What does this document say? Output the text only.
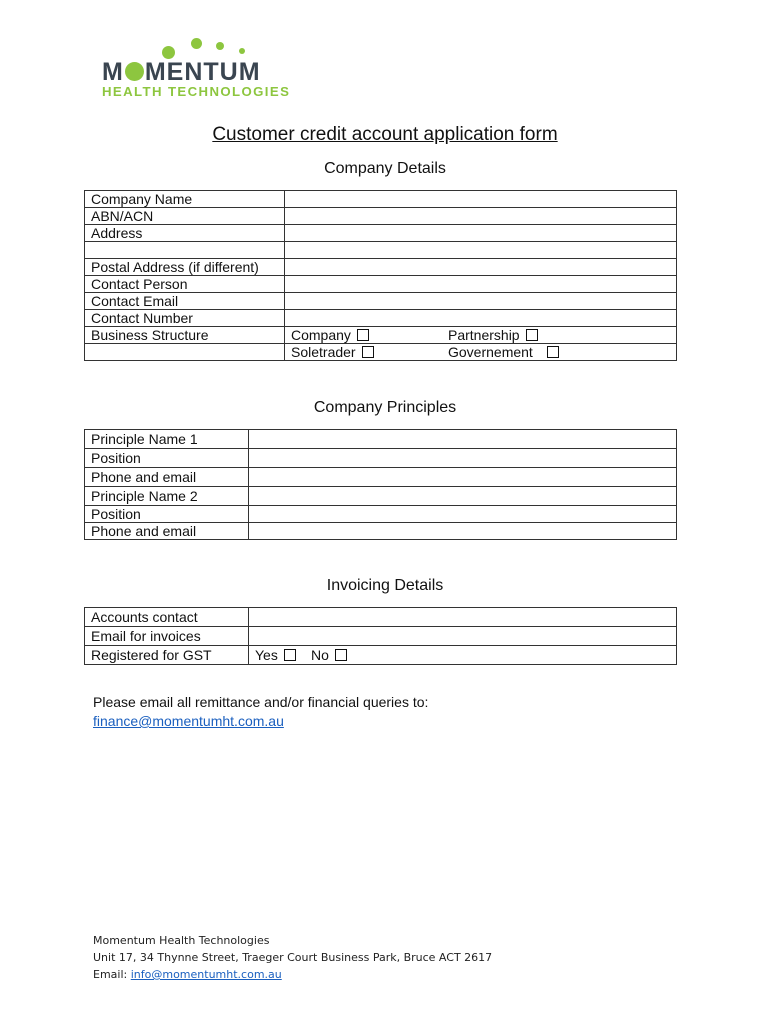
M MENTUM
HEALTH TECHNOLOGIES
Customer credit account application form
Company Details
Company Name	
ABN/ACN	
Address	

Postal Address (if different)	
Contact Person	
Contact Email	
Contact Number	
Business Structure	Company Partnership
	Soletrader Governement
Company Principles
Principle Name 1	
Position	
Phone and email	
Principle Name 2	
Position	
Phone and email	
Invoicing Details
Accounts contact	
Email for invoices	
Registered for GST	Yes No
Please email all remittance and/or financial queries to:
finance@momentumht.com.au
Momentum Health Technologies
Unit 17, 34 Thynne Street, Traeger Court Business Park, Bruce ACT 2617
Email: info@momentumht.com.au
